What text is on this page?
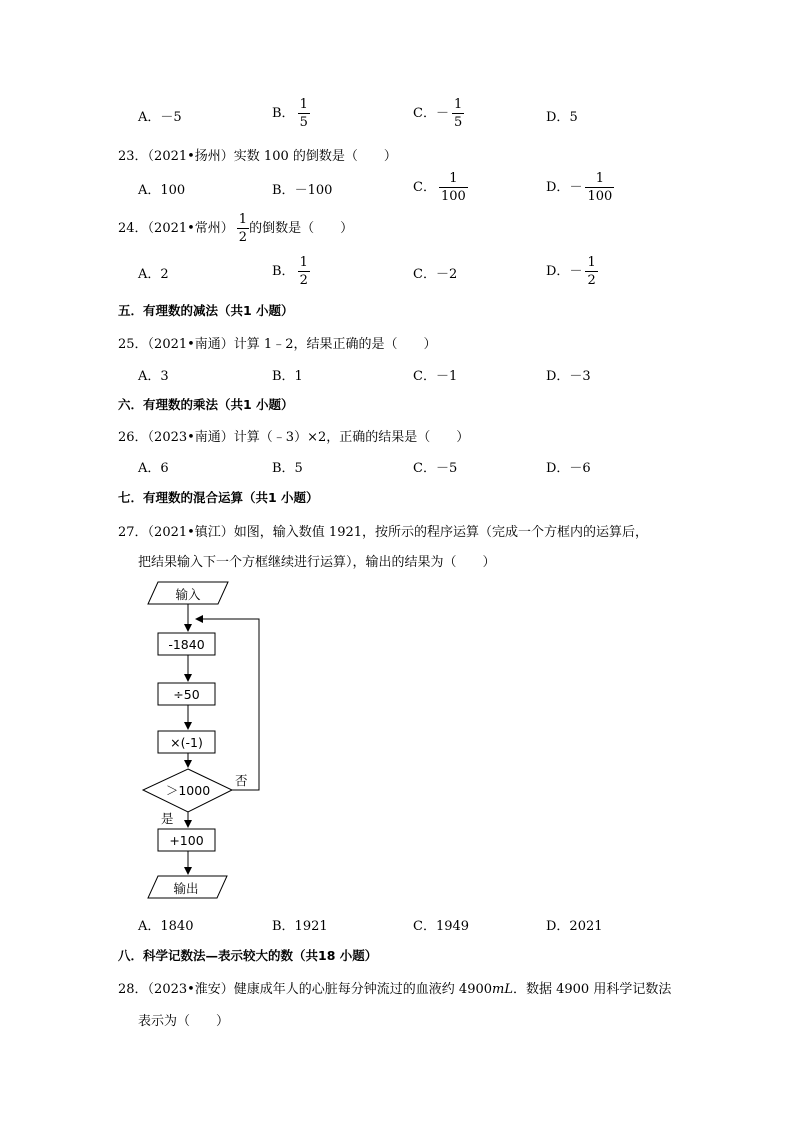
A．－5	B． $\frac{1}{5}$	C．－ $\frac{1}{5}$	D．5
23．（2021•扬州）实数 100 的倒数是（　　）
A．100	B．－100	C． $\frac{1}{100}$	D．－ $\frac{1}{100}$
24．（2021•常州） $\frac{1}{2}$ 的倒数是（　　）
A．2	B． $\frac{1}{2}$	C．－2	D．－ $\frac{1}{2}$
五．有理数的减法（共1 小题）
25．（2021•南通）计算 1﹣2，结果正确的是（　　）
A．3	B．1	C．－1	D．－3
六．有理数的乘法（共1 小题）
26．（2023•南通）计算（﹣3）×2，正确的结果是（　　）
A．6	B．5	C．－5	D．－6
七．有理数的混合运算（共1 小题）
27．（2021•镇江）如图，输入数值 1921，按所示的程序运算（完成一个方框内的运算后，
把结果输入下一个方框继续进行运算），输出的结果为（　　）
输入
-1840
÷50
×(-1)
＞1000
否
是
+100
输出
A．1840	B．1921	C．1949	D．2021
八．科学记数法—表示较大的数（共18 小题）
28．（2023•淮安）健康成年人的心脏每分钟流过的血液约 4900mL．数据 4900 用科学记数法
表示为（　　）
